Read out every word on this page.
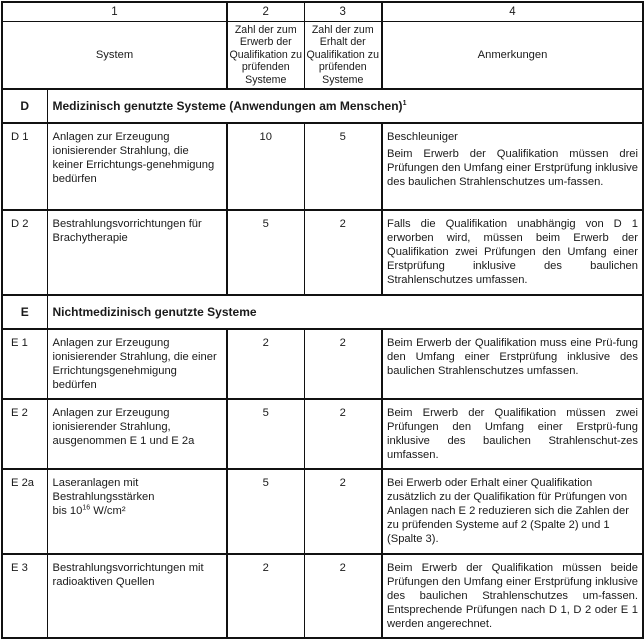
1		2	3	4
System		Zahl der zum Erwerb der Qualifikation zu prüfenden Systeme	Zahl der zum Erhalt der Qualifikation zu prüfenden Systeme	Anmerkungen
D	Medizinisch genutzte Systeme (Anwendungen am Menschen)$^1$
D 1	Anlagen zur Erzeugung ionisierender Strahlung, die keiner Errichtungs-genehmigung bedürfen	10	5	Beschleuniger

Beim Erwerb der Qualifikation müssen drei Prüfungen den Umfang einer Erstprüfung inklusive des baulichen Strahlenschutzes um-fassen.

D 2	Bestrahlungsvorrichtungen für Brachytherapie	5	2	Falls die Qualifikation unabhängig von D 1 erworben wird, müssen beim Erwerb der Qualifikation zwei Prüfungen den Umfang einer Erstprüfung inklusive des baulichen Strahlenschutzes umfassen.
E	Nichtmedizinisch genutzte Systeme			
E 1	Anlagen zur Erzeugung ionisierender Strahlung, die einer Errichtungsgenehmigung bedürfen	2	2	Beim Erwerb der Qualifikation muss eine Prü-fung den Umfang einer Erstprüfung inklusive des baulichen Strahlenschutzes umfassen.
E 2	Anlagen zur Erzeugung ionisierender Strahlung, ausgenommen E 1 und E 2a	5	2	Beim Erwerb der Qualifikation müssen zwei Prüfungen den Umfang einer Erstprü-fung inklusive des baulichen Strahlenschut-zes umfassen.
E 2a	Laseranlagen mit
Bestrahlungsstärken
bis $10^{16}$ W/cm²	5	2	Bei Erwerb oder Erhalt einer Qualifikation zusätzlich zu der Qualifikation für Prüfungen von Anlagen nach E 2 reduzieren sich die Zahlen der zu prüfenden Systeme auf 2 (Spalte 2) und 1 (Spalte 3).
E 3	Bestrahlungsvorrichtungen mit radioaktiven Quellen	2	2	Beim Erwerb der Qualifikation müssen beide Prüfungen den Umfang einer Erstprüfung inklusive des baulichen Strahlenschutzes um-fassen. Entsprechende Prüfungen nach D 1, D 2 oder E 1 werden angerechnet.
